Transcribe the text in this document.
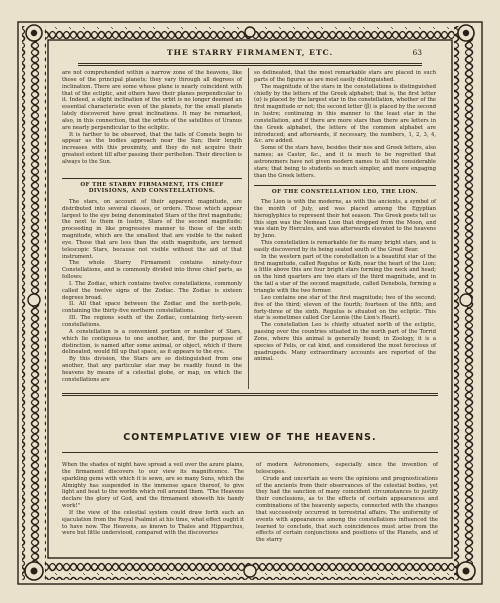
THE STARRY FIRMAMENT, ETC.	63

are not comprehended within a narrow zone of the heavens, like those of the principal planets; they vary through all degrees of inclination. There are some whose plane is nearly coincident with that of the ecliptic, and others have their planes perpendicular to it. Indeed, a slight inclination of the orbit is no longer deemed an essential characteristic even of the planets, for the small planets lately discovered have great inclinations. It may be remarked, also, in this connection, that the orbits of the satellites of Uranus are nearly perpendicular to the ecliptic.

It is farther to be observed, that the tails of Comets begin to appear as the bodies approach near the Sun; their length increases with this proximity, and they do not acquire their greatest extent till after passing their perihelion. Their direction is always to the Sun.

OF THE STARRY FIRMAMENT, ITS CHIEF DIVISIONS, AND CONSTELLATIONS.

The stars, on account of their apparent magnitude, are distributed into several classes, or orders. Those which appear largest to the eye being denominated Stars of the first magnitude; the next to them in lustre, Stars of the second magnitude; proceeding in like progressive manner to those of the sixth magnitude, which are the smallest that are visible to the naked eye. Those that are less than the sixth magnitude, are termed telescopic Stars, because not visible without the aid of that instrument.

The whole Starry Firmament contains ninety-four Constellations, and is commonly divided into three chief parts, as follows:

I. The Zodiac, which contains twelve constellations, commonly called the twelve signs of the Zodiac. The Zodiac is sixteen degrees broad.

II. All that space between the Zodiac and the north-pole, containing the thirty-five northern constellations.

III. The regions south of the Zodiac, containing forty-seven constellations.

A constellation is a convenient portion or number of Stars, which lie contiguous to one another, and, for the purpose of distinction, is named after some animal, or object, which if there delineated, would fill up that space, as it appears to the eye.

By this division, the Stars are so distinguished from one another, that any particular star may be readily found in the heavens by means of a celestial globe, or map, on which the constellations are

so delineated, that the most remarkable stars are placed in such parts of the figures as are most easily distinguished.

The magnitude of the stars in the constellations is distinguished chiefly by the letters of the Greek alphabet; that is, the first letter (α) is placed by the largest star in the constellation, whether of the first magnitude or not; the second letter (β) is placed by the second in lustre; continuing in this manner to the least star in the constellation, and if there are more stars than there are letters in the Greek alphabet, the letters of the common alphabet are introduced; and afterwards, if necessary, the numbers, 1, 2, 3, 4, &c. are added.

Some of the stars have, besides their nos and Greek letters, also names; as Castor, &c., and it is much to be regretted that astronomers have not given modern names to all the considerable stars; that being to students so much simpler, and more engaging than the Greek letters.

OF THE CONSTELLATION LEO, THE LION.

The Lion is with the moderns, as with the ancients, a symbol of the month of July, and was placed among the Egyptian hieroglyphics to represent their hot season. The Greek poets tell us this sign was the Nemean Lion that dropped from the Moon, and was slain by Hercules, and was afterwards elevated to the heavens by Juno.

This constellation is remarkable for its many bright stars, and is easily discovered by its being seated south of the Great Bear.

In the western part of the constellation is a beautiful star of the first magnitude, called Regulus or Kolb, near the heart of the Lion; a little above this are four bright stars forming the neck and head; on the hind quarters are two stars of the third magnitude, and in the tail a star of the second magnitude, called Denebola, forming a triangle with the two former.

Leo contains one star of the first magnitude; two of the second; five of the third; eleven of the fourth; fourteen of the fifth; and forty-three of the sixth. Regulus is situated on the ecliptic. This star is sometimes called Cor Leonis (the Lion's Heart).

The constellation Leo is chiefly situated north of the ecliptic, passing over the countries situated in the north part of the Torrid Zone, where this animal is generally found; in Zoology, it is a species of Felis, or cat kind, and considered the most ferocious of quadrupeds. Many extraordinary accounts are reported of the animal.

CONTEMPLATIVE VIEW OF THE HEAVENS.

When the shades of night have spread a veil over the azure plains, the firmament discovers to our view its magnificence. The sparkling gems with which it is sewn, are so many Suns, which the Almighty has suspended in the immense space thereof, to give light and heat to the worlds which roll around them. "The Heavens declare the glory of God, and the firmament showeth his handy work!"

If the view of the celestial system could draw forth such an ejaculation from the Royal Psalmist at his time, what effect ought it to have now. The Heavens, as known to Thales and Hipparchus, were but little understood, compared with the discoveries

of modern Astronomers, especially since the invention of telescopes.

Crude and uncertain as were the opinions and prognostications of the ancients from their observances of the celestial bodies, yet they had the sanction of many coincident circumstances to justify their conclusions, as to the effects of certain appearances and combinations of the heavenly aspects, connected with the changes that successively occurred in terrestrial affairs. The uniformity of events with appearances among the constellations influenced the learned to conclude, that such coincidences must arise from the effects of certain conjunctions and positions of the Planets, and of the starry
